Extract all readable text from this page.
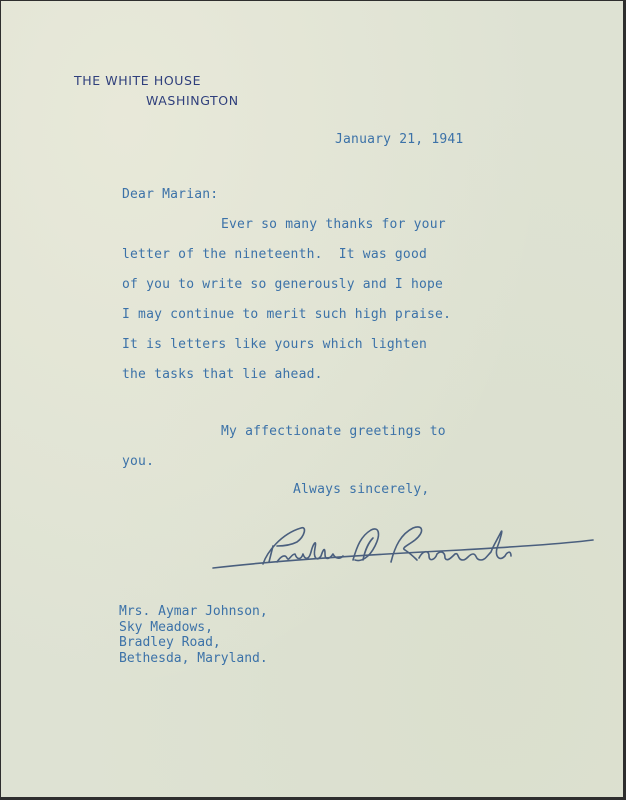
THE WHITE HOUSE
WASHINGTON
January 21, 1941
Dear Marian:
Ever so many thanks for your
letter of the nineteenth.  It was good
of you to write so generously and I hope
I may continue to merit such high praise.
It is letters like yours which lighten
the tasks that lie ahead.
My affectionate greetings to
you.
Always sincerely,
Mrs. Aymar Johnson,
Sky Meadows,
Bradley Road,
Bethesda, Maryland.
